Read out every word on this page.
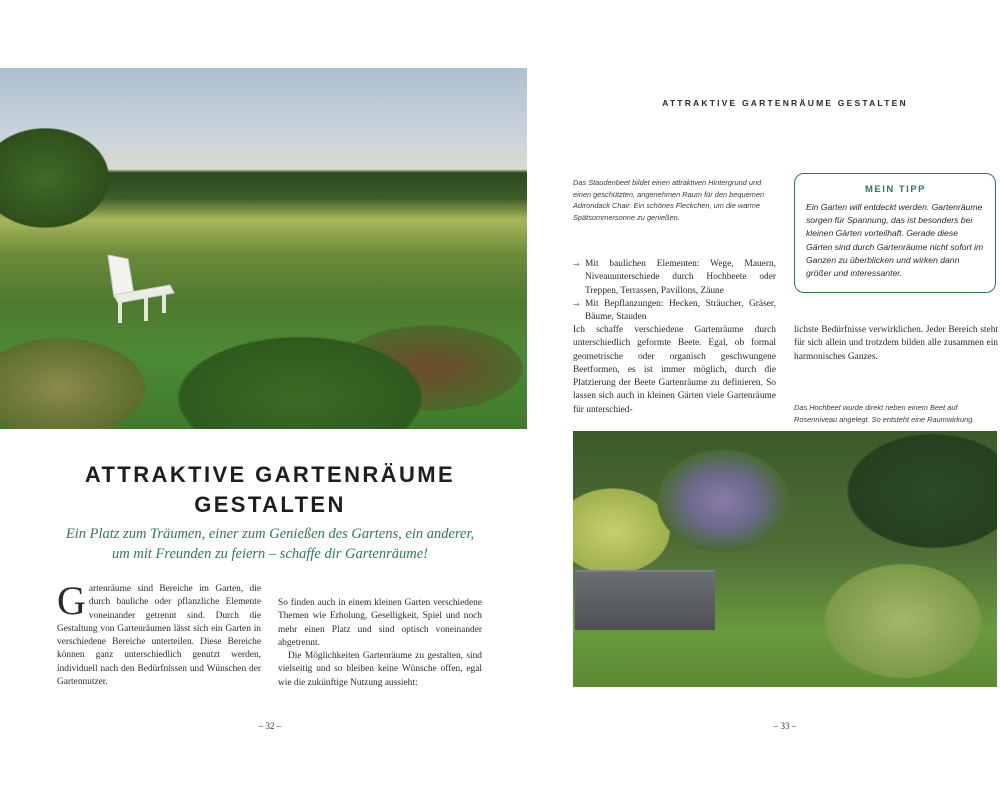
ATTRAKTIVE GARTENRÄUME GESTALTEN
Das Staudenbeet bildet einen attraktiven Hintergrund und einen geschützten, angenehmen Raum für den bequemen Adirondack Chair. Ein schönes Fleckchen, um die warme Spätsommersonne zu genießen.
MEIN TIPP
Ein Garten will entdeckt werden. Gartenräume sorgen für Spannung, das ist besonders bei kleinen Gärten vorteilhaft. Gerade diese Gärten sind durch Gartenräume nicht sofort im Ganzen zu überblicken und wirken dann größer und interessanter.
→ Mit baulichen Elementen: Wege, Mauern, Niveauunterschiede durch Hochbeete oder Treppen, Terrassen, Pavillons, Zäune
→ Mit Bepflanzungen: Hecken, Sträucher, Gräser, Bäume, Stauden
Ich schaffe verschiedene Gartenräume durch unterschiedlich geformte Beete. Egal, ob formal geometrische oder organisch geschwungene Beetformen, es ist immer möglich, durch die Platzierung der Beete Gartenräume zu definieren. So lassen sich auch in kleinen Gärten viele Gartenräume für unterschied-
lichste Bedürfnisse verwirklichen. Jeder Bereich steht für sich allein und trotzdem bilden alle zusammen ein harmonisches Ganzes.
Das Hochbeet wurde direkt neben einem Beet auf Rosenniveau angelegt. So entsteht eine Raumwirkung.
ATTRAKTIVE GARTENRÄUME
GESTALTEN
Ein Platz zum Träumen, einer zum Genießen des Gartens, ein anderer, um mit Freunden zu feiern – schaffe dir Gartenräume!
Gartenräume sind Bereiche im Garten, die durch bauliche oder pflanzliche Elemente voneinander getrennt sind. Durch die Gestaltung von Gartenräumen lässt sich ein Garten in verschiedene Bereiche unterteilen. Diese Bereiche können ganz unterschiedlich genutzt werden, individuell nach den Bedürfnissen und Wünschen der Gartennutzer.

So finden auch in einem kleinen Garten verschiedene Themen wie Erholung, Geselligkeit, Spiel und noch mehr einen Platz und sind optisch voneinander abgetrennt.

Die Möglichkeiten Gartenräume zu gestalten, sind vielseitig und so bleiben keine Wünsche offen, egal wie die zukünftige Nutzung aussieht:

– 32 –	– 33 –
